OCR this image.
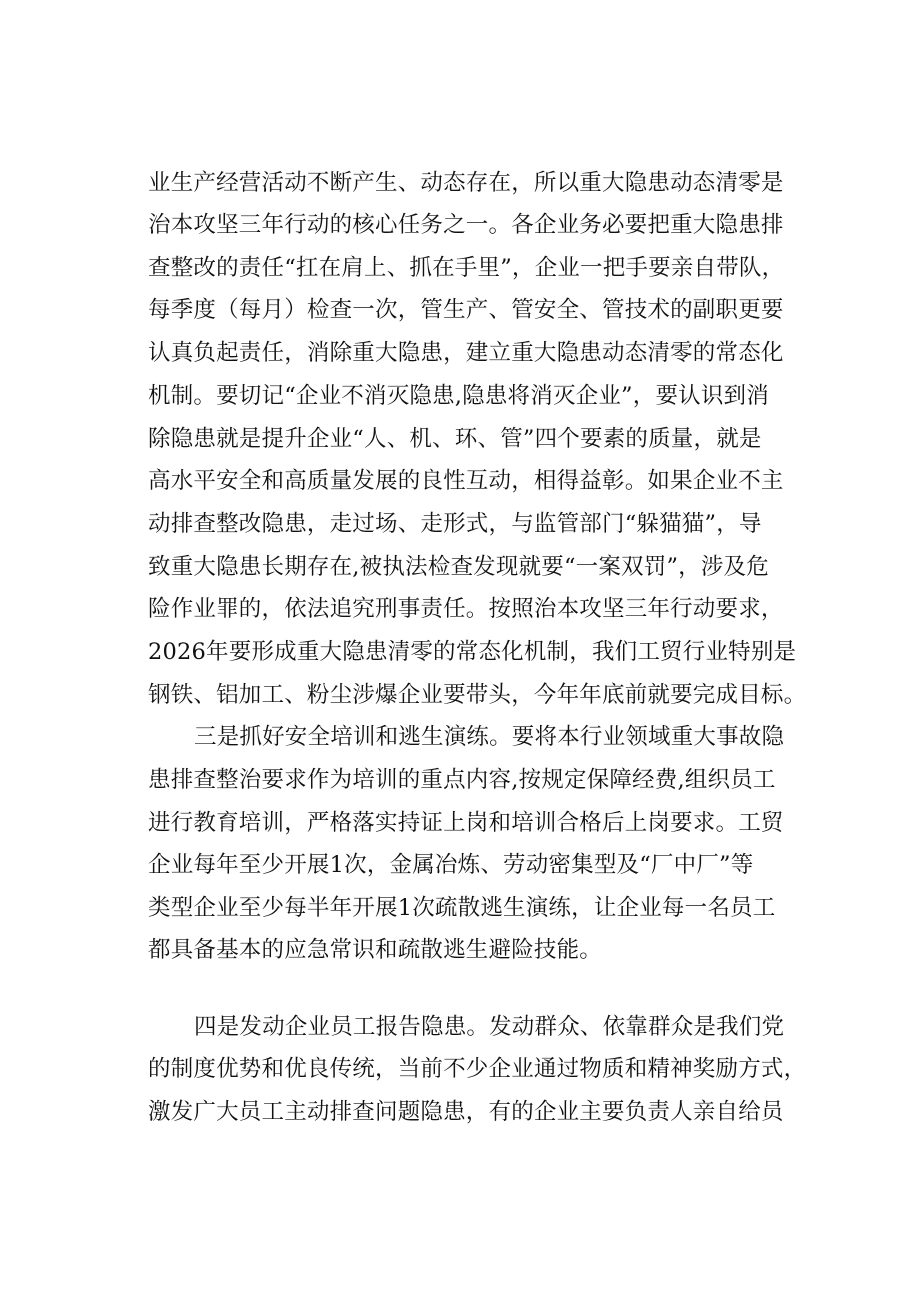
业生产经营活动不断产生、动态存在，所以重大隐患动态清零是
治本攻坚三年行动的核心任务之一。各企业务必要把重大隐患排
查整改的责任“扛在肩上、抓在手里”，企业一把手要亲自带队，
每季度（每月）检查一次，管生产、管安全、管技术的副职更要
认真负起责任，消除重大隐患，建立重大隐患动态清零的常态化
机制。要切记“企业不消灭隐患,隐患将消灭企业”，要认识到消
除隐患就是提升企业“人、机、环、管”四个要素的质量，就是
高水平安全和高质量发展的良性互动，相得益彰。如果企业不主
动排查整改隐患，走过场、走形式，与监管部门“躲猫猫”，导
致重大隐患长期存在,被执法检查发现就要“一案双罚”，涉及危
险作业罪的，依法追究刑事责任。按照治本攻坚三年行动要求，
2026年要形成重大隐患清零的常态化机制，我们工贸行业特别是
钢铁、铝加工、粉尘涉爆企业要带头，今年年底前就要完成目标。
三是抓好安全培训和逃生演练。要将本行业领域重大事故隐
患排查整治要求作为培训的重点内容,按规定保障经费,组织员工
进行教育培训，严格落实持证上岗和培训合格后上岗要求。工贸
企业每年至少开展1次，金属冶炼、劳动密集型及“厂中厂”等
类型企业至少每半年开展1次疏散逃生演练，让企业每一名员工
都具备基本的应急常识和疏散逃生避险技能。
四是发动企业员工报告隐患。发动群众、依靠群众是我们党
的制度优势和优良传统，当前不少企业通过物质和精神奖励方式，
激发广大员工主动排查问题隐患，有的企业主要负责人亲自给员
